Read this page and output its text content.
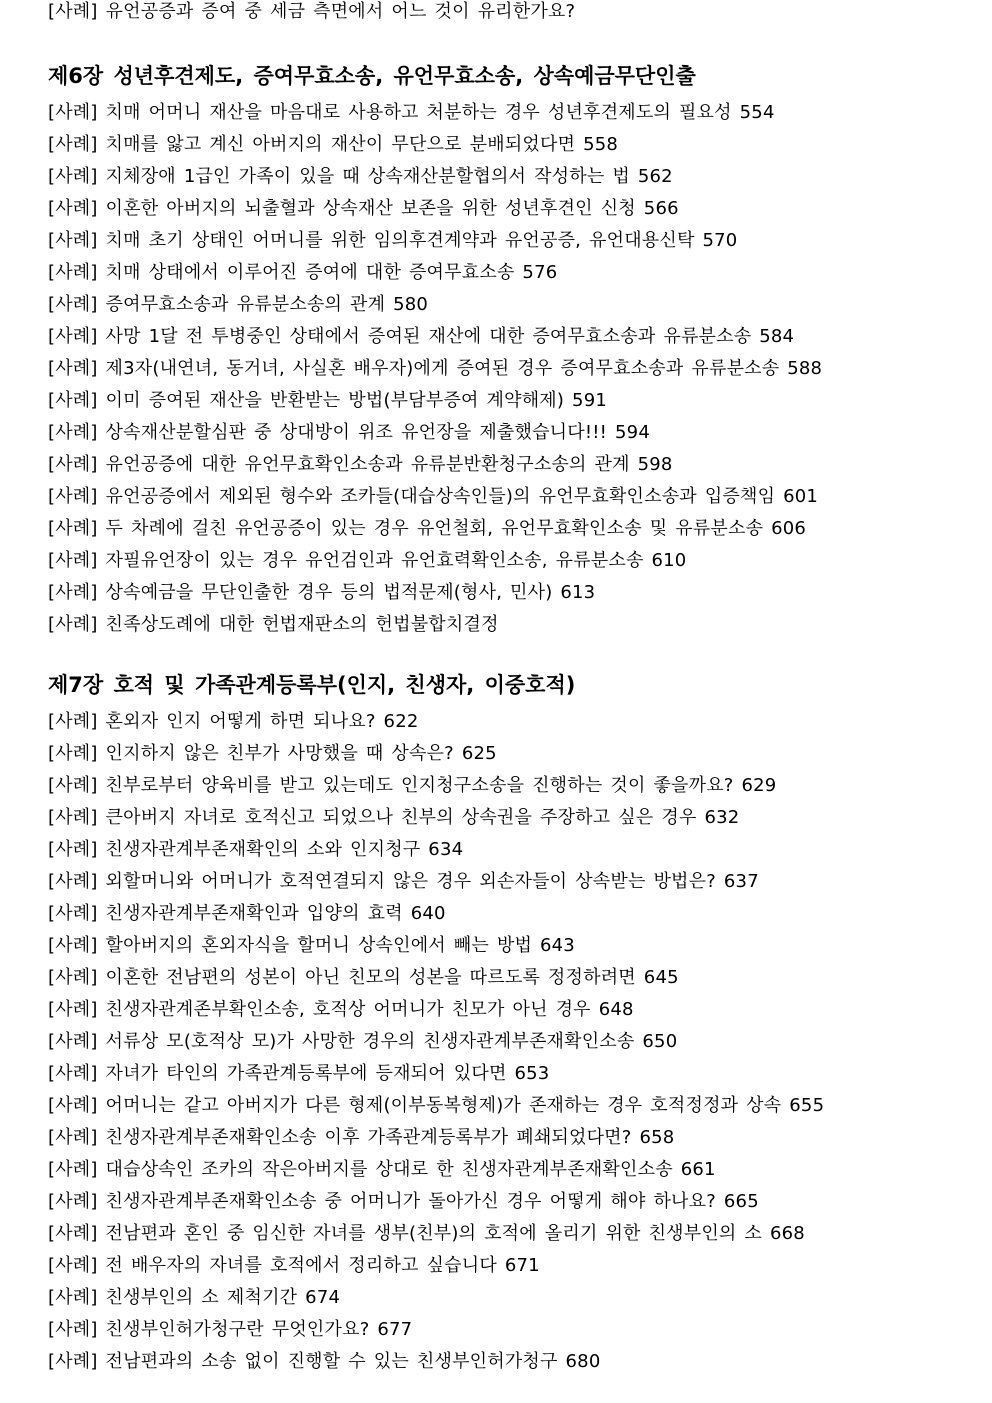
[사례] 유언공증과 증여 중 세금 측면에서 어느 것이 유리한가요?
제6장 성년후견제도, 증여무효소송, 유언무효소송, 상속예금무단인출
[사례] 치매 어머니 재산을 마음대로 사용하고 처분하는 경우 성년후견제도의 필요성 554
[사례] 치매를 앓고 계신 아버지의 재산이 무단으로 분배되었다면 558
[사례] 지체장애 1급인 가족이 있을 때 상속재산분할협의서 작성하는 법 562
[사례] 이혼한 아버지의 뇌출혈과 상속재산 보존을 위한 성년후견인 신청 566
[사례] 치매 초기 상태인 어머니를 위한 임의후견계약과 유언공증, 유언대용신탁 570
[사례] 치매 상태에서 이루어진 증여에 대한 증여무효소송 576
[사례] 증여무효소송과 유류분소송의 관계 580
[사례] 사망 1달 전 투병중인 상태에서 증여된 재산에 대한 증여무효소송과 유류분소송 584
[사례] 제3자(내연녀, 동거녀, 사실혼 배우자)에게 증여된 경우 증여무효소송과 유류분소송 588
[사례] 이미 증여된 재산을 반환받는 방법(부담부증여 계약해제) 591
[사례] 상속재산분할심판 중 상대방이 위조 유언장을 제출했습니다!!! 594
[사례] 유언공증에 대한 유언무효확인소송과 유류분반환청구소송의 관계 598
[사례] 유언공증에서 제외된 형수와 조카들(대습상속인들)의 유언무효확인소송과 입증책임 601
[사례] 두 차례에 걸친 유언공증이 있는 경우 유언철회, 유언무효확인소송 및 유류분소송 606
[사례] 자필유언장이 있는 경우 유언검인과 유언효력확인소송, 유류분소송 610
[사례] 상속예금을 무단인출한 경우 등의 법적문제(형사, 민사) 613
[사례] 친족상도례에 대한 헌법재판소의 헌법불합치결정
제7장 호적 및 가족관계등록부(인지, 친생자, 이중호적)
[사례] 혼외자 인지 어떻게 하면 되나요? 622
[사례] 인지하지 않은 친부가 사망했을 때 상속은? 625
[사례] 친부로부터 양육비를 받고 있는데도 인지청구소송을 진행하는 것이 좋을까요? 629
[사례] 큰아버지 자녀로 호적신고 되었으나 친부의 상속권을 주장하고 싶은 경우 632
[사례] 친생자관계부존재확인의 소와 인지청구 634
[사례] 외할머니와 어머니가 호적연결되지 않은 경우 외손자들이 상속받는 방법은? 637
[사례] 친생자관계부존재확인과 입양의 효력 640
[사례] 할아버지의 혼외자식을 할머니 상속인에서 빼는 방법 643
[사례] 이혼한 전남편의 성본이 아닌 친모의 성본을 따르도록 정정하려면 645
[사례] 친생자관계존부확인소송, 호적상 어머니가 친모가 아닌 경우 648
[사례] 서류상 모(호적상 모)가 사망한 경우의 친생자관계부존재확인소송 650
[사례] 자녀가 타인의 가족관계등록부에 등재되어 있다면 653
[사례] 어머니는 같고 아버지가 다른 형제(이부동복형제)가 존재하는 경우 호적정정과 상속 655
[사례] 친생자관계부존재확인소송 이후 가족관계등록부가 폐쇄되었다면? 658
[사례] 대습상속인 조카의 작은아버지를 상대로 한 친생자관계부존재확인소송 661
[사례] 친생자관계부존재확인소송 중 어머니가 돌아가신 경우 어떻게 해야 하나요? 665
[사례] 전남편과 혼인 중 임신한 자녀를 생부(친부)의 호적에 올리기 위한 친생부인의 소 668
[사례] 전 배우자의 자녀를 호적에서 정리하고 싶습니다 671
[사례] 친생부인의 소 제척기간 674
[사례] 친생부인허가청구란 무엇인가요? 677
[사례] 전남편과의 소송 없이 진행할 수 있는 친생부인허가청구 680
